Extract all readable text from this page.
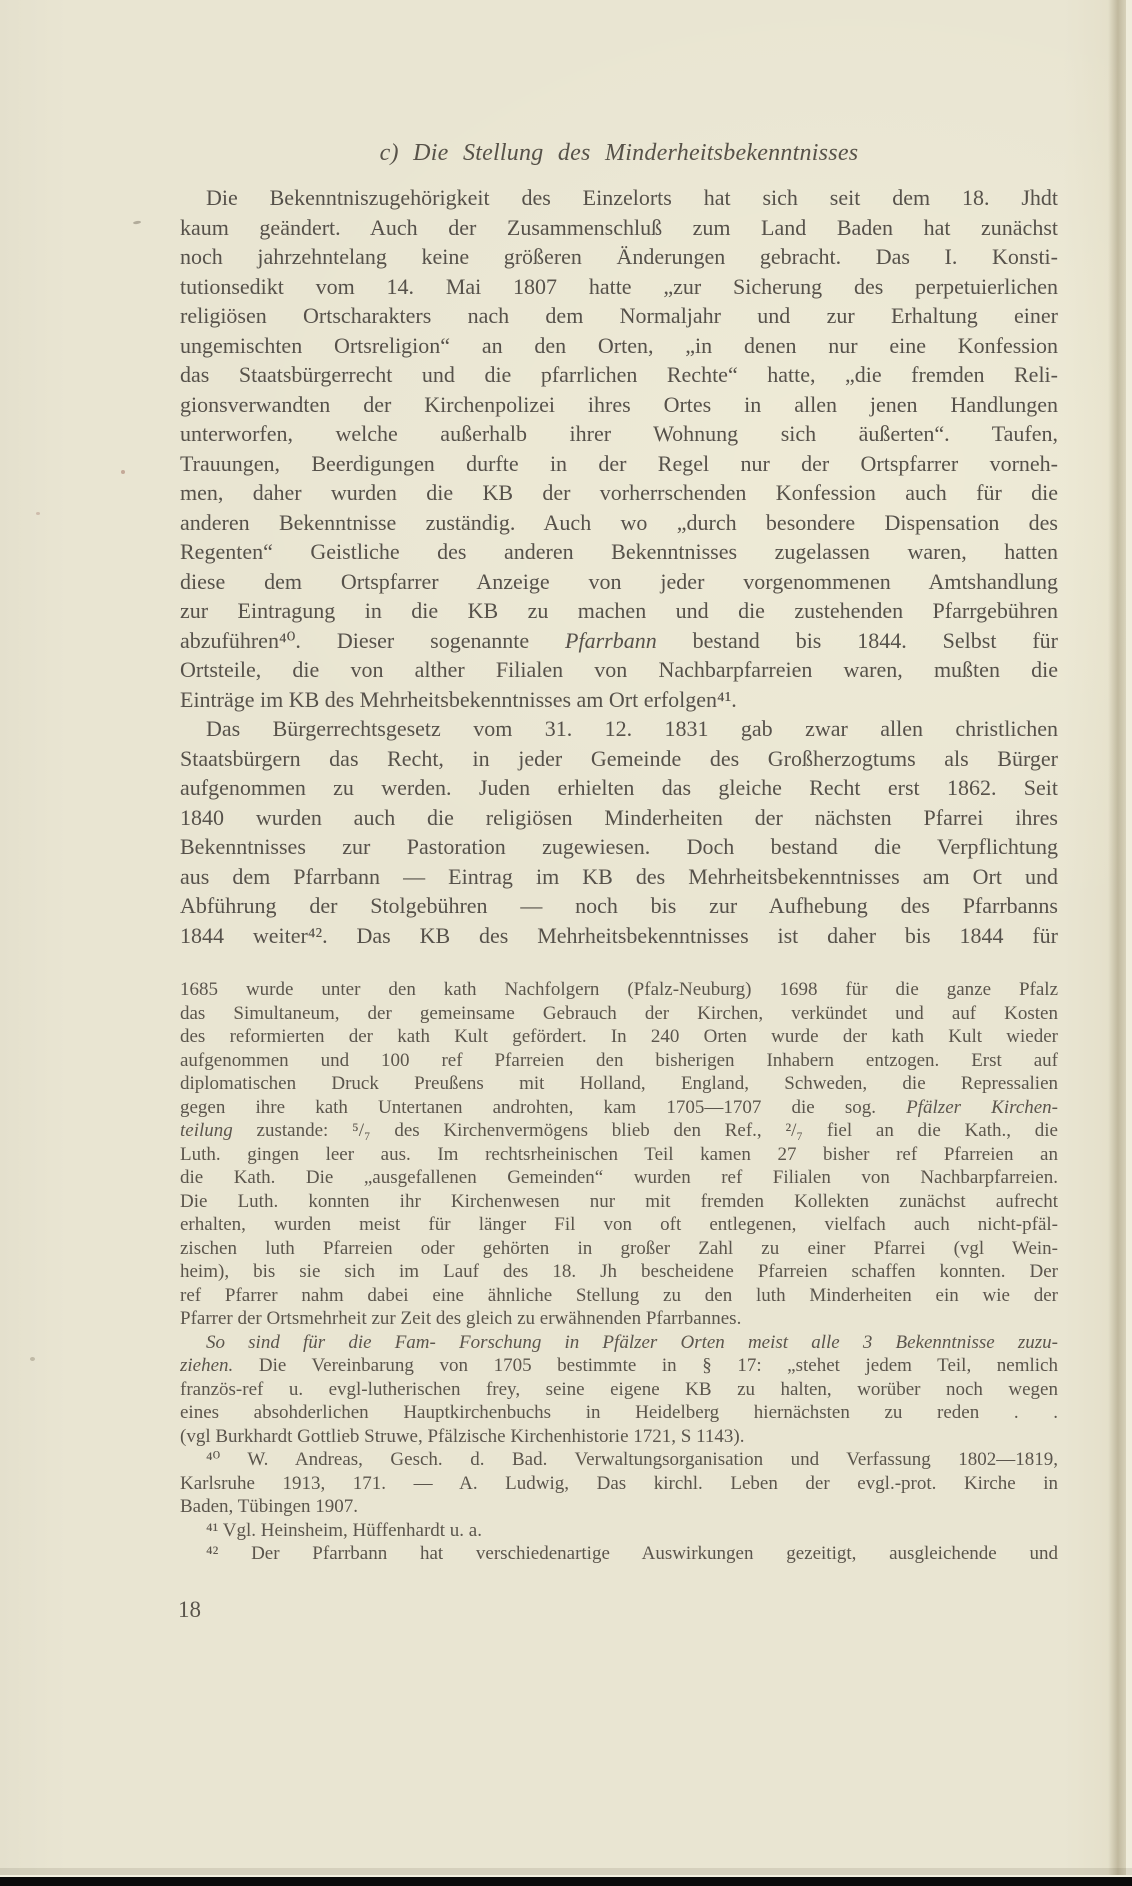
c) Die Stellung des Minderheitsbekenntnisses
Die Bekenntniszugehörigkeit des Einzelorts hat sich seit dem 18. Jhdt
kaum geändert. Auch der Zusammenschluß zum Land Baden hat zunächst
noch jahrzehntelang keine größeren Änderungen gebracht. Das I. Konsti-
tutionsedikt vom 14. Mai 1807 hatte „zur Sicherung des perpetuierlichen
religiösen Ortscharakters nach dem Normaljahr und zur Erhaltung einer
ungemischten Ortsreligion“ an den Orten, „in denen nur eine Konfession
das Staatsbürgerrecht und die pfarrlichen Rechte“ hatte, „die fremden Reli-
gionsverwandten der Kirchenpolizei ihres Ortes in allen jenen Handlungen
unterworfen, welche außerhalb ihrer Wohnung sich äußerten“. Taufen,
Trauungen, Beerdigungen durfte in der Regel nur der Ortspfarrer vorneh-
men, daher wurden die KB der vorherrschenden Konfession auch für die
anderen Bekenntnisse zuständig. Auch wo „durch besondere Dispensation des
Regenten“ Geistliche des anderen Bekenntnisses zugelassen waren, hatten
diese dem Ortspfarrer Anzeige von jeder vorgenommenen Amtshandlung
zur Eintragung in die KB zu machen und die zustehenden Pfarrgebühren
abzuführen⁴⁰. Dieser sogenannte Pfarrbann bestand bis 1844. Selbst für
Ortsteile, die von alther Filialen von Nachbarpfarreien waren, mußten die
Einträge im KB des Mehrheitsbekenntnisses am Ort erfolgen⁴¹.
Das Bürgerrechtsgesetz vom 31. 12. 1831 gab zwar allen christlichen
Staatsbürgern das Recht, in jeder Gemeinde des Großherzogtums als Bürger
aufgenommen zu werden. Juden erhielten das gleiche Recht erst 1862. Seit
1840 wurden auch die religiösen Minderheiten der nächsten Pfarrei ihres
Bekenntnisses zur Pastoration zugewiesen. Doch bestand die Verpflichtung
aus dem Pfarrbann — Eintrag im KB des Mehrheitsbekenntnisses am Ort und
Abführung der Stolgebühren — noch bis zur Aufhebung des Pfarrbanns
1844 weiter⁴². Das KB des Mehrheitsbekenntnisses ist daher bis 1844 für
1685 wurde unter den kath Nachfolgern (Pfalz-Neuburg) 1698 für die ganze Pfalz
das Simultaneum, der gemeinsame Gebrauch der Kirchen, verkündet und auf Kosten
des reformierten der kath Kult gefördert. In 240 Orten wurde der kath Kult wieder
aufgenommen und 100 ref Pfarreien den bisherigen Inhabern entzogen. Erst auf
diplomatischen Druck Preußens mit Holland, England, Schweden, die Repressalien
gegen ihre kath Untertanen androhten, kam 1705—1707 die sog. Pfälzer Kirchen-
teilung zustande: ⁵/₇ des Kirchenvermögens blieb den Ref., ²/₇ fiel an die Kath., die
Luth. gingen leer aus. Im rechtsrheinischen Teil kamen 27 bisher ref Pfarreien an
die Kath. Die „ausgefallenen Gemeinden“ wurden ref Filialen von Nachbarpfarreien.
Die Luth. konnten ihr Kirchenwesen nur mit fremden Kollekten zunächst aufrecht
erhalten, wurden meist für länger Fil von oft entlegenen, vielfach auch nicht-pfäl-
zischen luth Pfarreien oder gehörten in großer Zahl zu einer Pfarrei (vgl Wein-
heim), bis sie sich im Lauf des 18. Jh bescheidene Pfarreien schaffen konnten. Der
ref Pfarrer nahm dabei eine ähnliche Stellung zu den luth Minderheiten ein wie der
Pfarrer der Ortsmehrheit zur Zeit des gleich zu erwähnenden Pfarrbannes.
So sind für die Fam- Forschung in Pfälzer Orten meist alle 3 Bekenntnisse zuzu-
ziehen. Die Vereinbarung von 1705 bestimmte in § 17: „stehet jedem Teil, nemlich
französ-ref u. evgl-lutherischen frey, seine eigene KB zu halten, worüber noch wegen
eines absohderlichen Hauptkirchenbuchs in Heidelberg hiernächsten zu reden . .
(vgl Burkhardt Gottlieb Struwe, Pfälzische Kirchenhistorie 1721, S 1143).
⁴⁰ W. Andreas, Gesch. d. Bad. Verwaltungsorganisation und Verfassung 1802—1819,
Karlsruhe 1913, 171. — A. Ludwig, Das kirchl. Leben der evgl.-prot. Kirche in
Baden, Tübingen 1907.
⁴¹ Vgl. Heinsheim, Hüffenhardt u. a.
⁴² Der Pfarrbann hat verschiedenartige Auswirkungen gezeitigt, ausgleichende und
18
